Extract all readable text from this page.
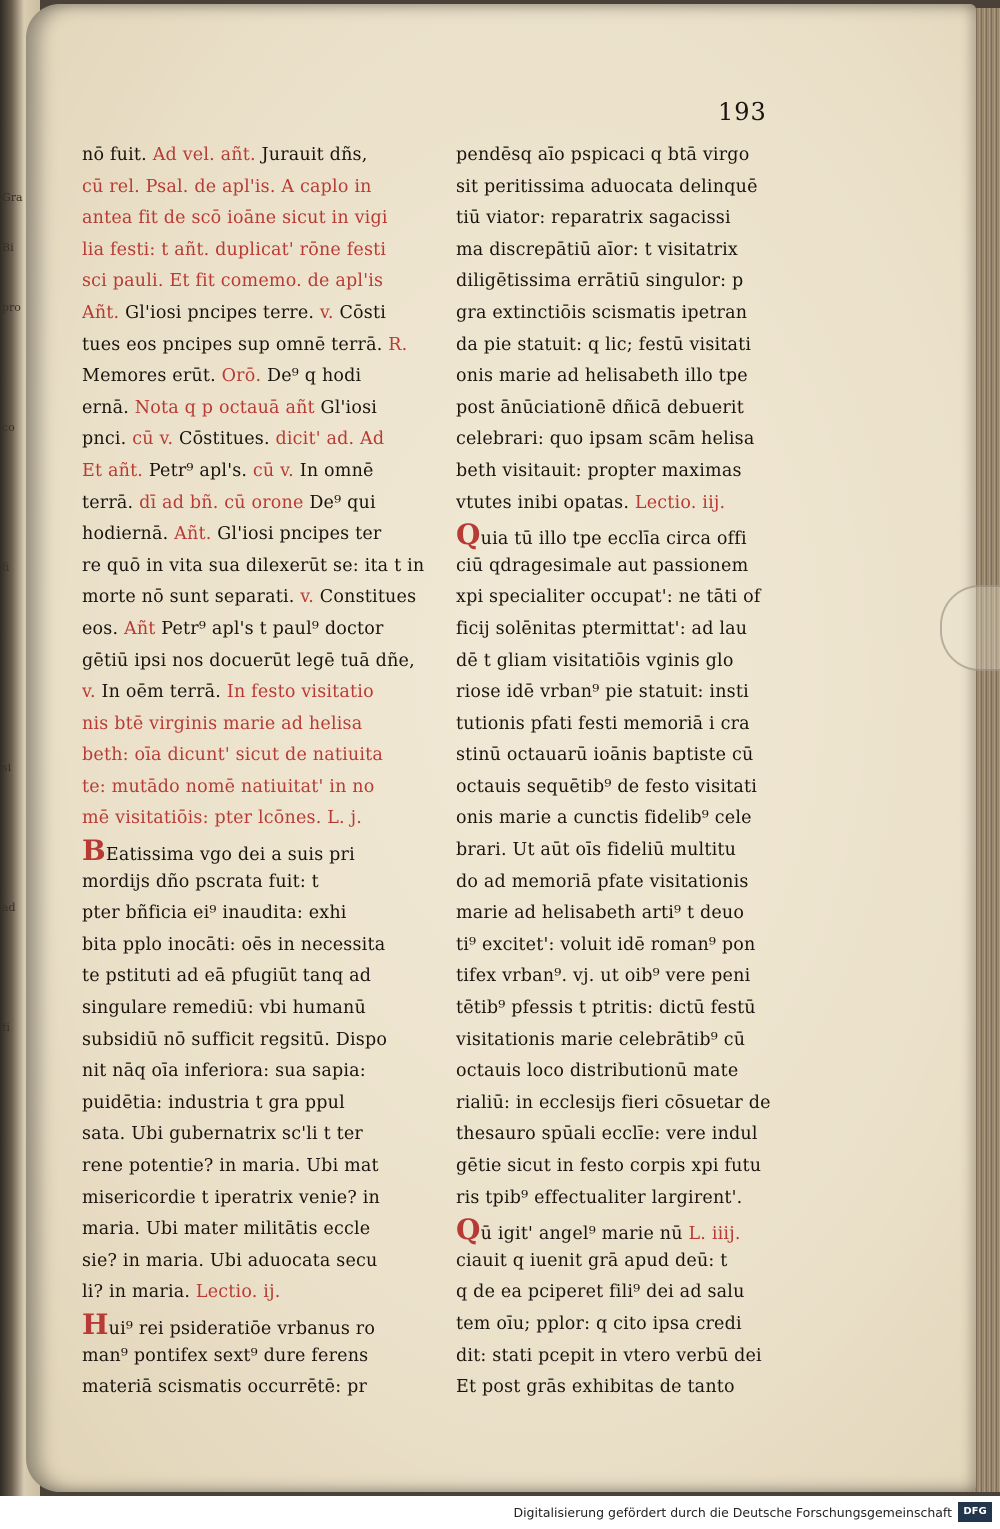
Gra
Bi
pro
co
fi
si
ad
ti
193
nō fuit. Ad vel. añt. Jurauit dñs,
cū rel. Psal. de apl'is. A caplo in
antea fit de scō ioāne sicut in vigi
lia festi: t añt. duplicat' rōne festi
sci pauli. Et fit comemo. de apl'is
Añt. Gl'iosi pncipes terre. v. Cōsti
tues eos pncipes sup omnē terrā. R.
Memores erūt. Orō. De⁹ q hodi
ernā. Nota q p octauā añt Gl'iosi
pnci. cū v. Cōstitues. dicit' ad. Ad
Et añt. Petr⁹ apl's. cū v. In omnē
terrā. dī ad bñ. cū orone De⁹ qui
hodiernā. Añt. Gl'iosi pncipes ter
re quō in vita sua dilexerūt se: ita t in
morte nō sunt separati. v. Constitues
eos. Añt Petr⁹ apl's t paul⁹ doctor
gētiū ipsi nos docuerūt legē tuā dñe,
v. In oēm terrā. In festo visitatio
nis btē virginis marie ad helisa
beth: oīa dicunt' sicut de natiuita
te: mutādo nomē natiuitat' in no
mē visitatiōis: pter lcōnes. L. j.
BEatissima vgo dei a suis pri
mordijs dño pscrata fuit: t
pter bñficia ei⁹ inaudita: exhi
bita pplo inocāti: oēs in necessita
te pstituti ad eā pfugiūt tanq ad
singulare remediū: vbi humanū
subsidiū nō sufficit regsitū. Dispo
nit nāq oīa inferiora: sua sapia:
puidētia: industria t gra ppul
sata. Ubi gubernatrix sc'li t ter
rene potentie? in maria. Ubi mat
misericordie t iperatrix venie? in
maria. Ubi mater militātis eccle
sie? in maria. Ubi aduocata secu
li? in maria. Lectio. ij.
Hui⁹ rei psideratiōe vrbanus ro
man⁹ pontifex sext⁹ dure ferens
materiā scismatis occurrētē: pr
pendēsq aīo pspicaci q btā virgo
sit peritissima aduocata delinquē
tiū viator: reparatrix sagacissi
ma discrepātiū aīor: t visitatrix
diligētissima errātiū singulor: p
gra extinctiōis scismatis ipetran
da pie statuit: q lic; festū visitati
onis marie ad helisabeth illo tpe
post ānūciationē dñicā debuerit
celebrari: quo ipsam scām helisa
beth visitauit: propter maximas
vtutes inibi opatas. Lectio. iij.
Quia tū illo tpe ecclīa circa offi
ciū qdragesimale aut passionem
xpi specialiter occupat': ne tāti of
ficij solēnitas ptermittat': ad lau
dē t gliam visitatiōis vginis glo
riose idē vrban⁹ pie statuit: insti
tutionis pfati festi memoriā i cra
stinū octauarū ioānis baptiste cū
octauis sequētib⁹ de festo visitati
onis marie a cunctis fidelib⁹ cele
brari. Ut aūt oīs fideliū multitu
do ad memoriā pfate visitationis
marie ad helisabeth arti⁹ t deuo
ti⁹ excitet': voluit idē roman⁹ pon
tifex vrban⁹. vj. ut oib⁹ vere peni
tētib⁹ pfessis t ptritis: dictū festū
visitationis marie celebrātib⁹ cū
octauis loco distributionū mate
rialiū: in ecclesijs fieri cōsuetar de
thesauro spūali ecclīe: vere indul
gētie sicut in festo corpis xpi futu
ris tpib⁹ effectualiter largirent'.
Qū igit' angel⁹ marie nū L. iiij.
ciauit q iuenit grā apud deū: t
q de ea pciperet fili⁹ dei ad salu
tem oīu; pplor: q cito ipsa credi
dit: stati pcepit in vtero verbū dei
Et post grās exhibitas de tanto
Digitalisierung gefördert durch die Deutsche Forschungsgemeinschaft	DFG
